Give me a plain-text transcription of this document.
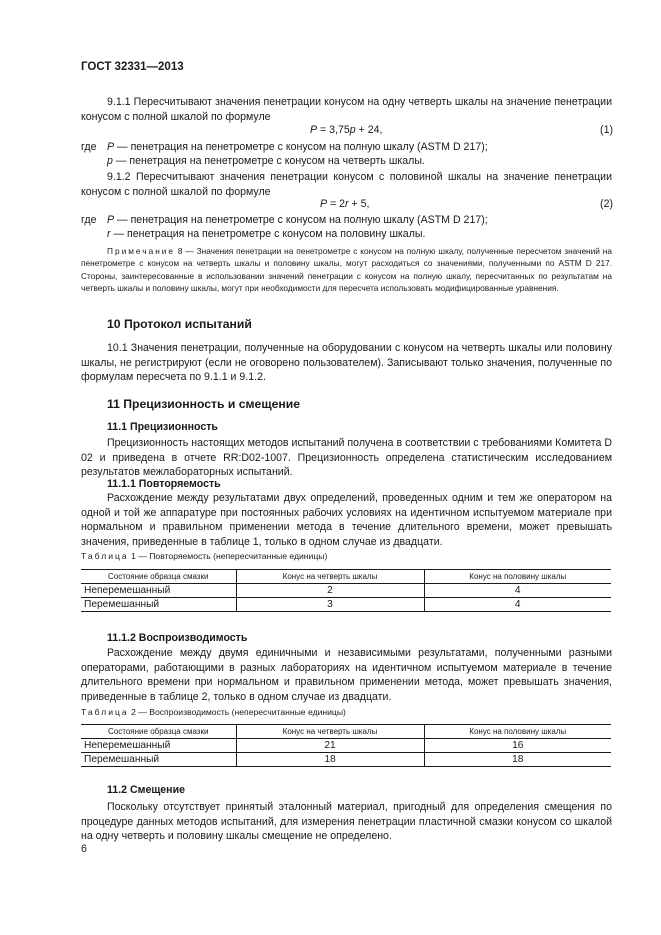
ГОСТ 32331—2013
9.1.1 Пересчитывают значения пенетрации конусом на одну четверть шкалы на значение пенетрации конусом с полной шкалой по формуле
P = 3,75p + 24,	(1)
где P — пенетрация на пенетрометре с конусом на полную шкалу (ASTM D 217);
p — пенетрация на пенетрометре с конусом на четверть шкалы.
9.1.2 Пересчитывают значения пенетрации конусом с половиной шкалы на значение пенетрации конусом с полной шкалой по формуле
P = 2r + 5,	(2)
где P — пенетрация на пенетрометре с конусом на полную шкалу (ASTM D 217);
r — пенетрация на пенетрометре с конусом на половину шкалы.
Примечание 8 — Значения пенетрации на пенетрометре с конусом на полную шкалу, полученные пересчетом значений на пенетрометре с конусом на четверть шкалы и половину шкалы, могут расходиться со значениями, полученными по ASTM D 217. Стороны, заинтересованные в использовании значений пенетрации с конусом на полную шкалу, пересчитанных по результатам на четверть шкалы и половину шкалы, могут при необходимости для пересчета использовать модифицированные уравнения.
10 Протокол испытаний
10.1 Значения пенетрации, полученные на оборудовании с конусом на четверть шкалы или половину шкалы, не регистрируют (если не оговорено пользователем). Записывают только значения, полученные по формулам пересчета по 9.1.1 и 9.1.2.
11 Прецизионность и смещение
11.1 Прецизионность
Прецизионность настоящих методов испытаний получена в соответствии с требованиями Комитета D 02 и приведена в отчете RR:D02-1007. Прецизионность определена статистическим исследованием результатов межлабораторных испытаний.
11.1.1 Повторяемость
Расхождение между результатами двух определений, проведенных одним и тем же оператором на одной и той же аппаратуре при постоянных рабочих условиях на идентичном испытуемом материале при нормальном и правильном применении метода в течение длительного времени, может превышать значения, приведенные в таблице 1, только в одном случае из двадцати.
Таблица 1 — Повторяемость (непересчитанные единицы)
Состояние образца смазки	Конус на четверть шкалы	Конус на половину шкалы
Неперемешанный	2	4
Перемешанный	3	4
11.1.2 Воспроизводимость
Расхождение между двумя единичными и независимыми результатами, полученными разными операторами, работающими в разных лабораториях на идентичном испытуемом материале в течение длительного времени при нормальном и правильном применении метода, может превышать значения, приведенные в таблице 2, только в одном случае из двадцати.
Таблица 2 — Воспроизводимость (непересчитанные единицы)
Состояние образца смазки	Конус на четверть шкалы	Конус на половину шкалы
Неперемешанный	21	16
Перемешанный	18	18
11.2 Смещение
Поскольку отсутствует принятый эталонный материал, пригодный для определения смещения по процедуре данных методов испытаний, для измерения пенетрации пластичной смазки конусом со шкалой на одну четверть и половину шкалы смещение не определено.
6
